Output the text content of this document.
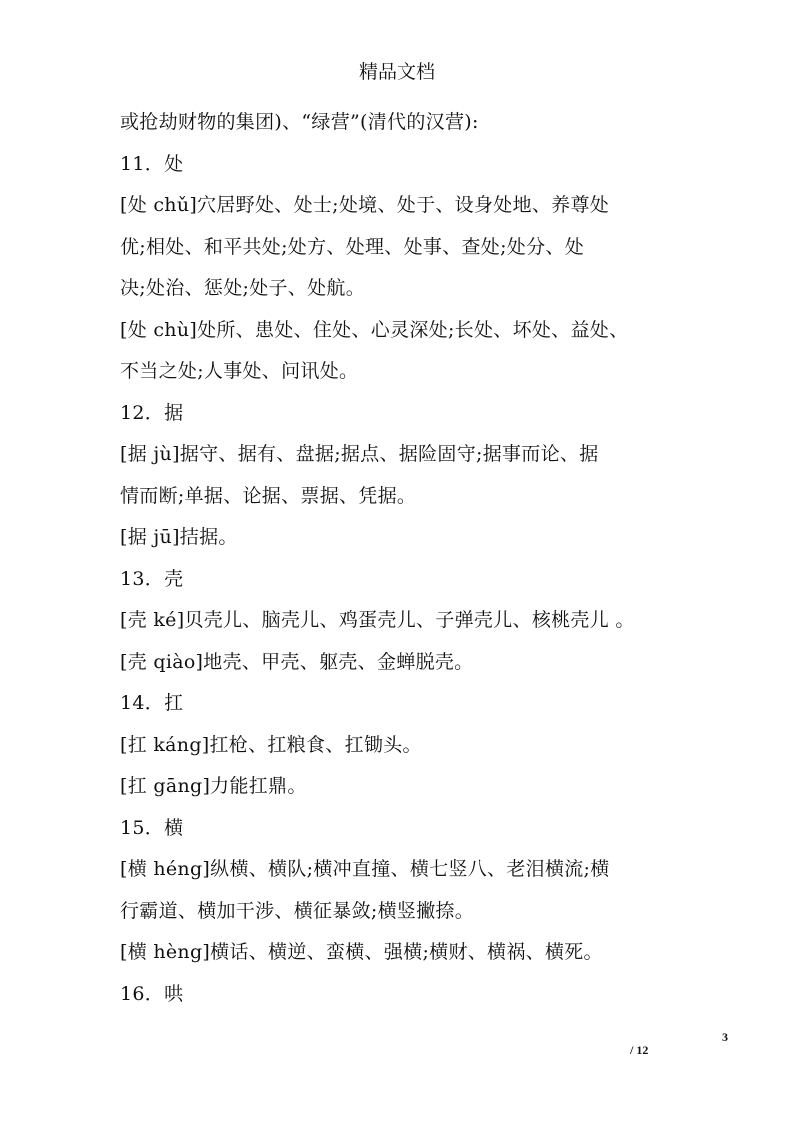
精品文档
或抢劫财物的集团)、“绿营”(清代的汉营):
11．处
[处 chǔ]穴居野处、处士;处境、处于、设身处地、养尊处
优;相处、和平共处;处方、处理、处事、查处;处分、处
决;处治、惩处;处子、处航。
[处 chù]处所、患处、住处、心灵深处;长处、坏处、益处、
不当之处;人事处、问讯处。
12．据
[据 jù]据守、据有、盘据;据点、据险固守;据事而论、据
情而断;单据、论据、票据、凭据。
[据 jū]拮据。
13．壳
[壳 ké]贝壳儿、脑壳儿、鸡蛋壳儿、子弹壳儿、核桃壳儿 。
[壳 qiào]地壳、甲壳、躯壳、金蝉脱壳。
14．扛
[扛 káng]扛枪、扛粮食、扛锄头。
[扛 gāng]力能扛鼎。
15．横
[横 héng]纵横、横队;横冲直撞、横七竖八、老泪横流;横
行霸道、横加干涉、横征暴敛;横竖撇捺。
[横 hèng]横话、横逆、蛮横、强横;横财、横祸、横死。
16．哄
3
/ 12
